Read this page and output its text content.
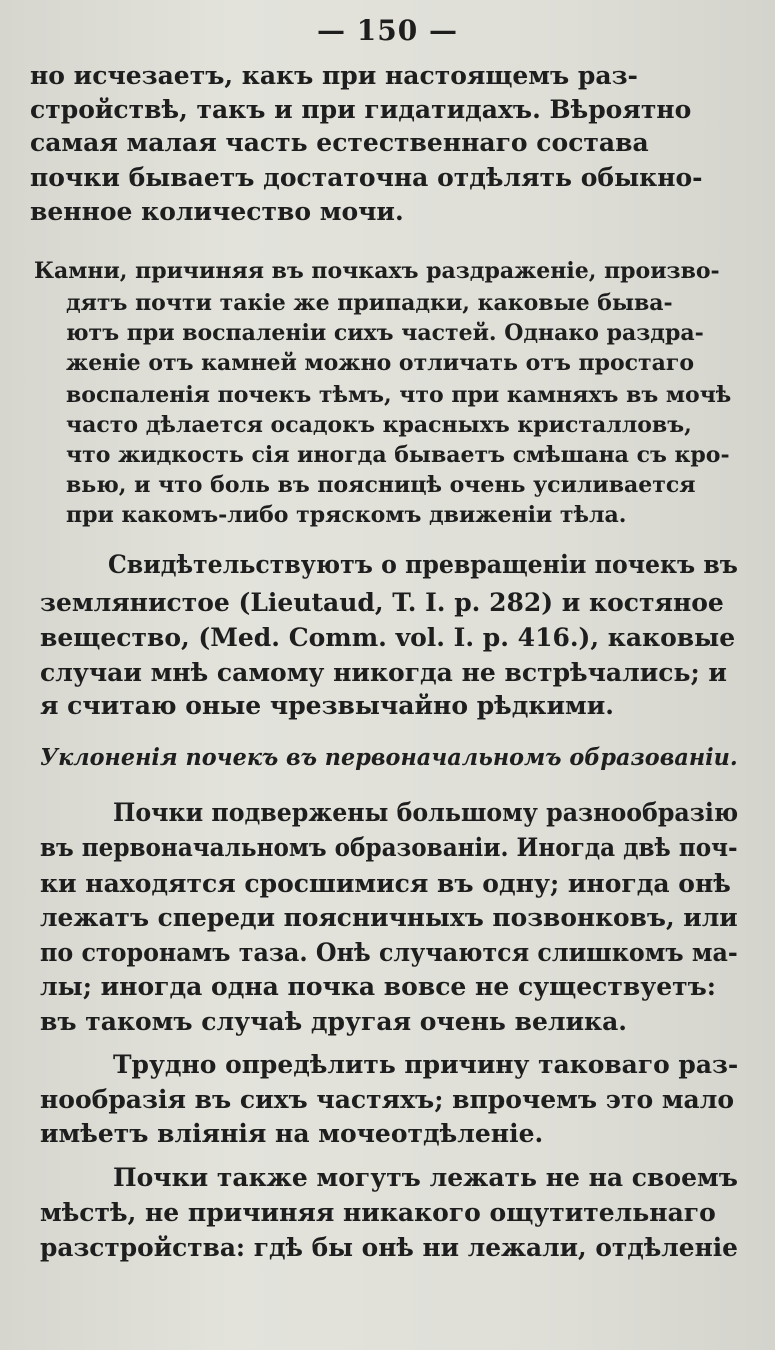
— 150 —
но исчезаетъ, какъ при настоящемъ раз-
стройствѣ, такъ и при гидатидахъ. Вѣроятно
самая малая часть естественнаго состава
почки бываетъ достаточна отдѣлять обыкно-
венное количество мочи.
Камни, причиняя въ почкахъ раздраженіе, произво-
дятъ почти такіе же припадки, каковые быва-
ютъ при воспаленіи сихъ частей. Однако раздра-
женіе отъ камней можно отличать отъ простаго
воспаленія почекъ тѣмъ, что при камняхъ въ мочѣ
часто дѣлается осадокъ красныхъ кристалловъ,
что жидкость сія иногда бываетъ смѣшана съ кро-
вью, и что боль въ поясницѣ очень усиливается
при какомъ-либо тряскомъ движеніи тѣла.
Свидѣтельствуютъ о превращеніи почекъ въ
землянистое (Lieutaud, T. I. p. 282) и костяное
вещество, (Med. Comm. vol. I. p. 416.), каковые
случаи мнѣ самому никогда не встрѣчались; и
я считаю оные чрезвычайно рѣдкими.
Уклоненія почекъ въ первоначальномъ образованіи.
Почки подвержены большому разнообразію
въ первоначальномъ образованіи. Иногда двѣ поч-
ки находятся сросшимися въ одну; иногда онѣ
лежатъ спереди поясничныхъ позвонковъ, или
по сторонамъ таза. Онѣ случаются слишкомъ ма-
лы; иногда одна почка вовсе не существуетъ:
въ такомъ случаѣ другая очень велика.
Трудно опредѣлить причину таковаго раз-
нообразія въ сихъ частяхъ; впрочемъ это мало
имѣетъ вліянія на мочеотдѣленіе.
Почки также могутъ лежать не на своемъ
мѣстѣ, не причиняя никакого ощутительнаго
разстройства: гдѣ бы онѣ ни лежали, отдѣленіе
